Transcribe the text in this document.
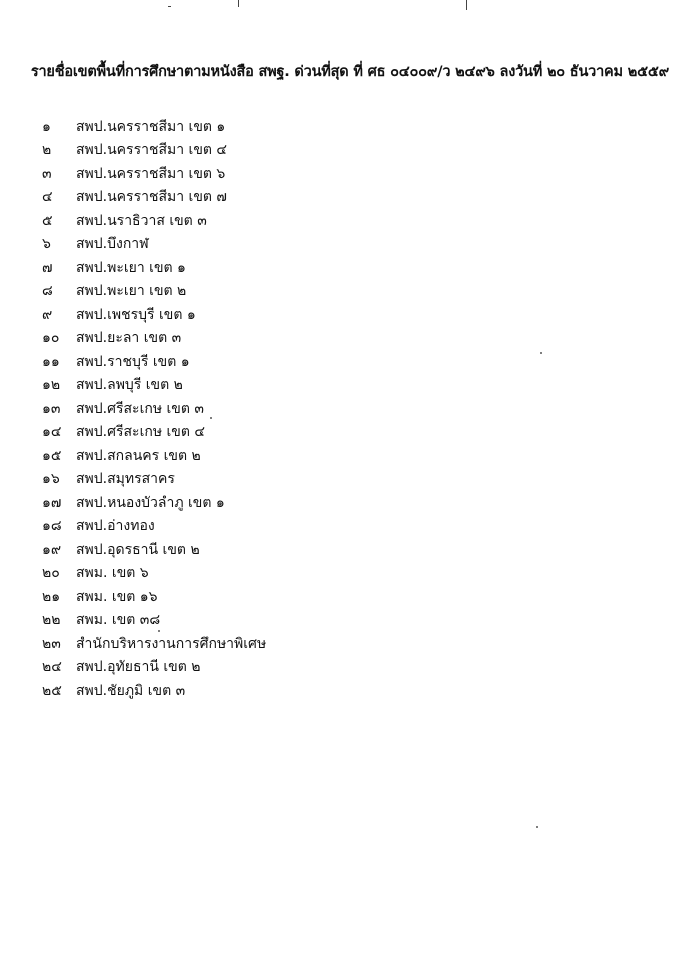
รายชื่อเขตพื้นที่การศึกษาตามหนังสือ สพฐ. ด่วนที่สุด ที่ ศธ ๐๔๐๐๙/ว ๒๔๙๖ ลงวันที่ ๒๐ ธันวาคม ๒๕๕๙
๑	สพป.นครราชสีมา เขต ๑
๒	สพป.นครราชสีมา เขต ๔
๓	สพป.นครราชสีมา เขต ๖
๔	สพป.นครราชสีมา เขต ๗
๕	สพป.นราธิวาส เขต ๓
๖	สพป.บึงกาฬ
๗	สพป.พะเยา เขต ๑
๘	สพป.พะเยา เขต ๒
๙	สพป.เพชรบุรี เขต ๑
๑๐	สพป.ยะลา เขต ๓
๑๑	สพป.ราชบุรี เขต ๑
๑๒	สพป.ลพบุรี เขต ๒
๑๓	สพป.ศรีสะเกษ เขต ๓
๑๔	สพป.ศรีสะเกษ เขต ๔
๑๕	สพป.สกลนคร เขต ๒
๑๖	สพป.สมุทรสาคร
๑๗	สพป.หนองบัวลำภู เขต ๑
๑๘	สพป.อ่างทอง
๑๙	สพป.อุดรธานี เขต ๒
๒๐	สพม. เขต ๖
๒๑	สพม. เขต ๑๖
๒๒	สพม. เขต ๓๘
๒๓	สำนักบริหารงานการศึกษาพิเศษ
๒๔	สพป.อุทัยธานี เขต ๒
๒๕	สพป.ชัยภูมิ เขต ๓
